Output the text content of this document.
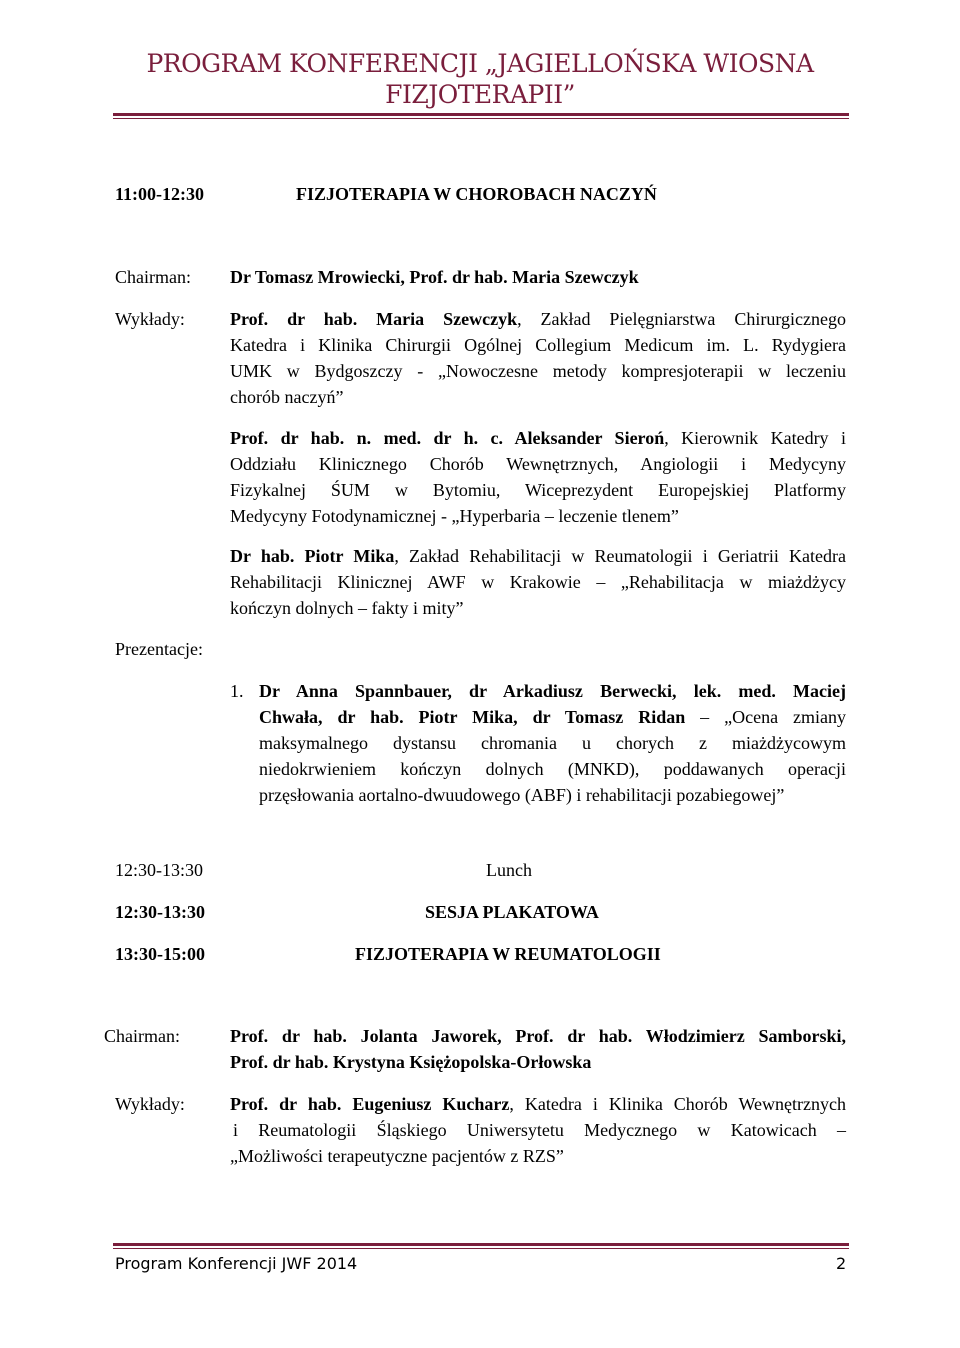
PROGRAM KONFERENCJI „JAGIELLOŃSKA WIOSNA
FIZJOTERAPII”
11:00-12:30	FIZJOTERAPIA W CHOROBACH NACZYŃ
Chairman: Dr Tomasz Mrowiecki, Prof. dr hab. Maria Szewczyk
Wykłady:	Prof. dr hab. Maria Szewczyk, Zakład Pielęgniarstwa Chirurgicznego
Katedra i Klinika Chirurgii Ogólnej Collegium Medicum im. L. Rydygiera
UMK w Bydgoszczy - „Nowoczesne metody kompresjoterapii w leczeniu
chorób naczyń”
Prof. dr hab. n. med. dr h. c. Aleksander Sieroń, Kierownik Katedry i
Oddziału Klinicznego Chorób Wewnętrznych, Angiologii i Medycyny
Fizykalnej ŚUM w Bytomiu, Wiceprezydent Europejskiej Platformy
Medycyny Fotodynamicznej - „Hyperbaria – leczenie tlenem”
Dr hab. Piotr Mika, Zakład Rehabilitacji w Reumatologii i Geriatrii Katedra
Rehabilitacji Klinicznej AWF w Krakowie – „Rehabilitacja w miażdżycy
kończyn dolnych – fakty i mity”
Prezentacje:
1. Dr Anna Spannbauer, dr Arkadiusz Berwecki, lek. med. Maciej
Chwała, dr hab. Piotr Mika, dr Tomasz Ridan – „Ocena zmiany
maksymalnego dystansu chromania u chorych z miażdżycowym
niedokrwieniem kończyn dolnych (MNKD), poddawanych operacji
przęsłowania aortalno-dwuudowego (ABF) i rehabilitacji pozabiegowej”
12:30-13:30	Lunch
12:30-13:30	SESJA PLAKATOWA
13:30-15:00	FIZJOTERAPIA W REUMATOLOGII
Chairman:	Prof. dr hab. Jolanta Jaworek, Prof. dr hab. Włodzimierz Samborski,
Prof. dr hab. Krystyna Księżopolska-Orłowska
Wykłady:	Prof. dr hab. Eugeniusz Kucharz, Katedra i Klinika Chorób Wewnętrznych
i Reumatologii Śląskiego Uniwersytetu Medycznego w Katowicach –
„Możliwości terapeutyczne pacjentów z RZS”
Program Konferencji JWF 2014	2
